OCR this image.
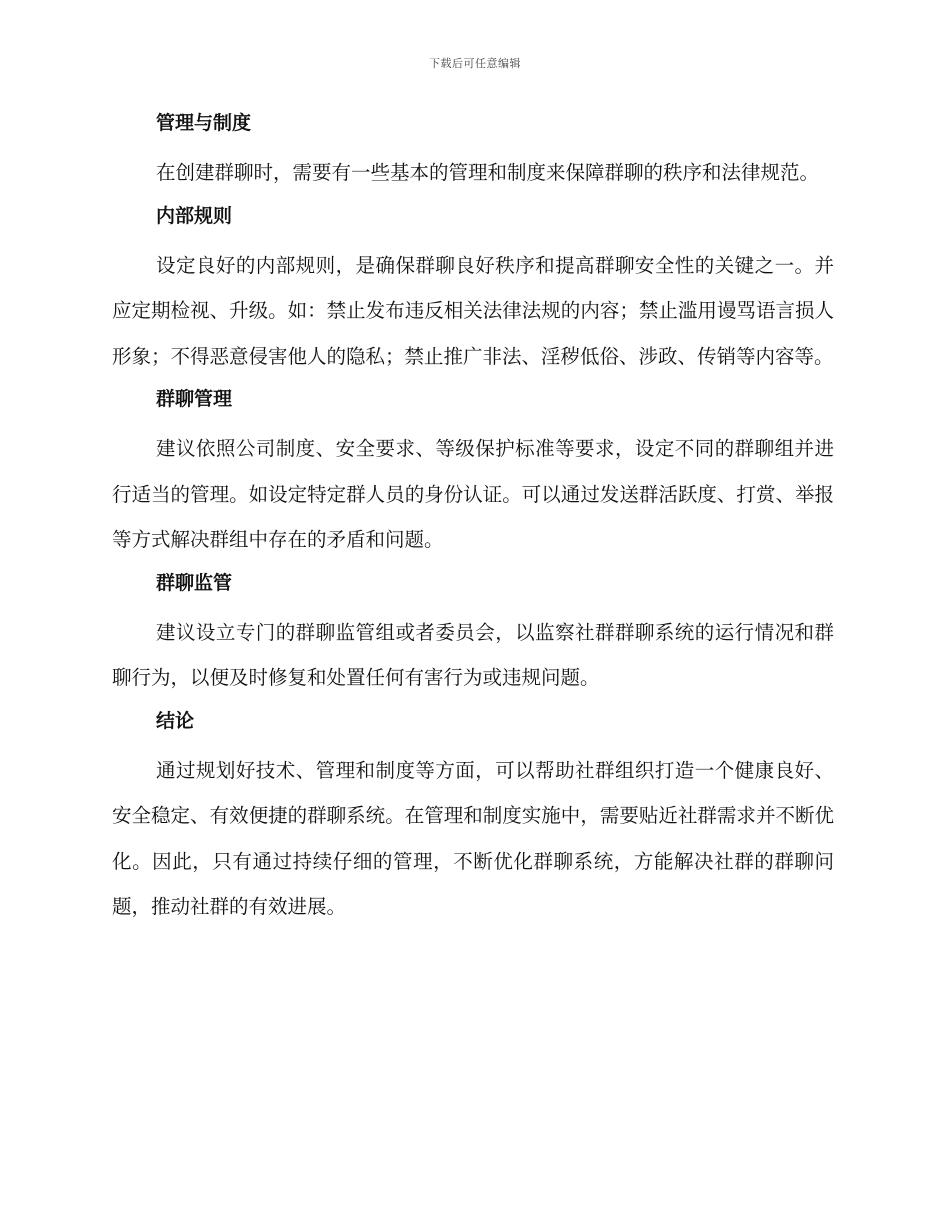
下载后可任意编辑
管理与制度

在创建群聊时，需要有一些基本的管理和制度来保障群聊的秩序和法律规范。

内部规则

设定良好的内部规则，是确保群聊良好秩序和提高群聊安全性的关键之一。并应定期检视、升级。如：禁止发布违反相关法律法规的内容；禁止滥用谩骂语言损人形象；不得恶意侵害他人的隐私；禁止推广非法、淫秽低俗、涉政、传销等内容等。

群聊管理

建议依照公司制度、安全要求、等级保护标准等要求，设定不同的群聊组并进行适当的管理。如设定特定群人员的身份认证。可以通过发送群活跃度、打赏、举报等方式解决群组中存在的矛盾和问题。

群聊监管

建议设立专门的群聊监管组或者委员会，以监察社群群聊系统的运行情况和群聊行为，以便及时修复和处置任何有害行为或违规问题。

结论

通过规划好技术、管理和制度等方面，可以帮助社群组织打造一个健康良好、安全稳定、有效便捷的群聊系统。在管理和制度实施中，需要贴近社群需求并不断优化。因此，只有通过持续仔细的管理，不断优化群聊系统，方能解决社群的群聊问题，推动社群的有效进展。
